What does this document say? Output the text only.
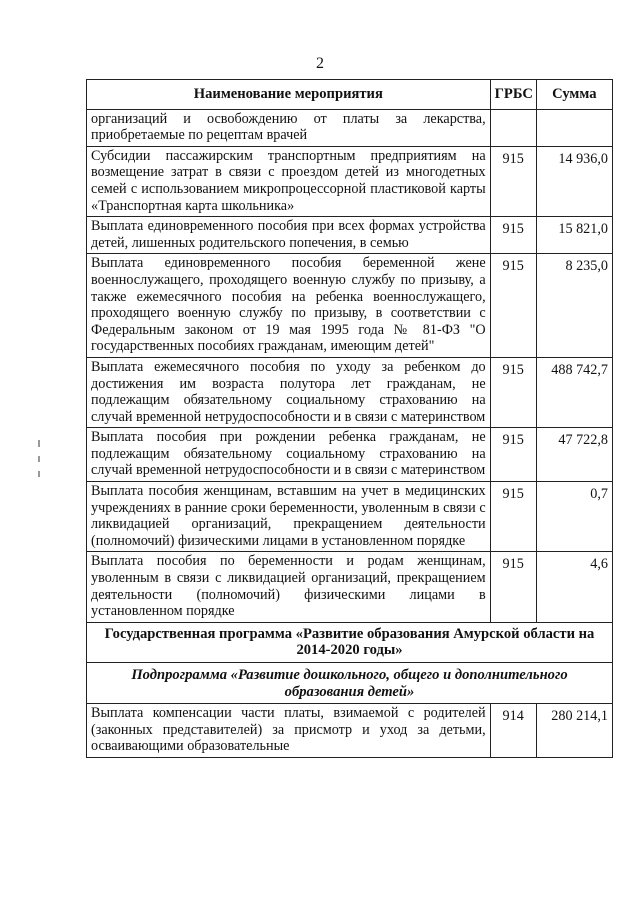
2
Наименование мероприятия	ГРБС	Сумма
организаций и освобождению от платы за лекарства, приобретаемые по рецептам врачей		
Субсидии пассажирским транспортным предприятиям на возмещение затрат в связи с проездом детей из многодетных семей с использованием микропроцессорной пластиковой карты «Транспортная карта школьника»	915	14 936,0
Выплата единовременного пособия при всех формах устройства детей, лишенных родительского попечения, в семью	915	15 821,0
Выплата единовременного пособия беременной жене военнослужащего, проходящего военную службу по призыву, а также ежемесячного пособия на ребенка военнослужащего, проходящего военную службу по призыву, в соответствии с Федеральным законом от 19 мая 1995 года № 81-ФЗ "О государственных пособиях гражданам, имеющим детей"	915	8 235,0
Выплата ежемесячного пособия по уходу за ребенком до достижения им возраста полутора лет гражданам, не подлежащим обязательному социальному страхованию на случай временной нетрудоспособности и в связи с материнством	915	488 742,7
Выплата пособия при рождении ребенка гражданам, не подлежащим обязательному социальному страхованию на случай временной нетрудоспособности и в связи с материнством	915	47 722,8
Выплата пособия женщинам, вставшим на учет в медицинских учреждениях в ранние сроки беременности, уволенным в связи с ликвидацией организаций, прекращением деятельности (полномочий) физическими лицами в установленном порядке	915	0,7
Выплата пособия по беременности и родам женщинам, уволенным в связи с ликвидацией организаций, прекращением деятельности (полномочий) физическими лицами в установленном порядке	915	4,6
Государственная программа «Развитие образования Амурской области на 2014-2020 годы»		
Подпрограмма «Развитие дошкольного, общего и дополнительного образования детей»		
Выплата компенсации части платы, взимаемой с родителей (законных представителей) за присмотр и уход за детьми, осваивающими образовательные	914	280 214,1
